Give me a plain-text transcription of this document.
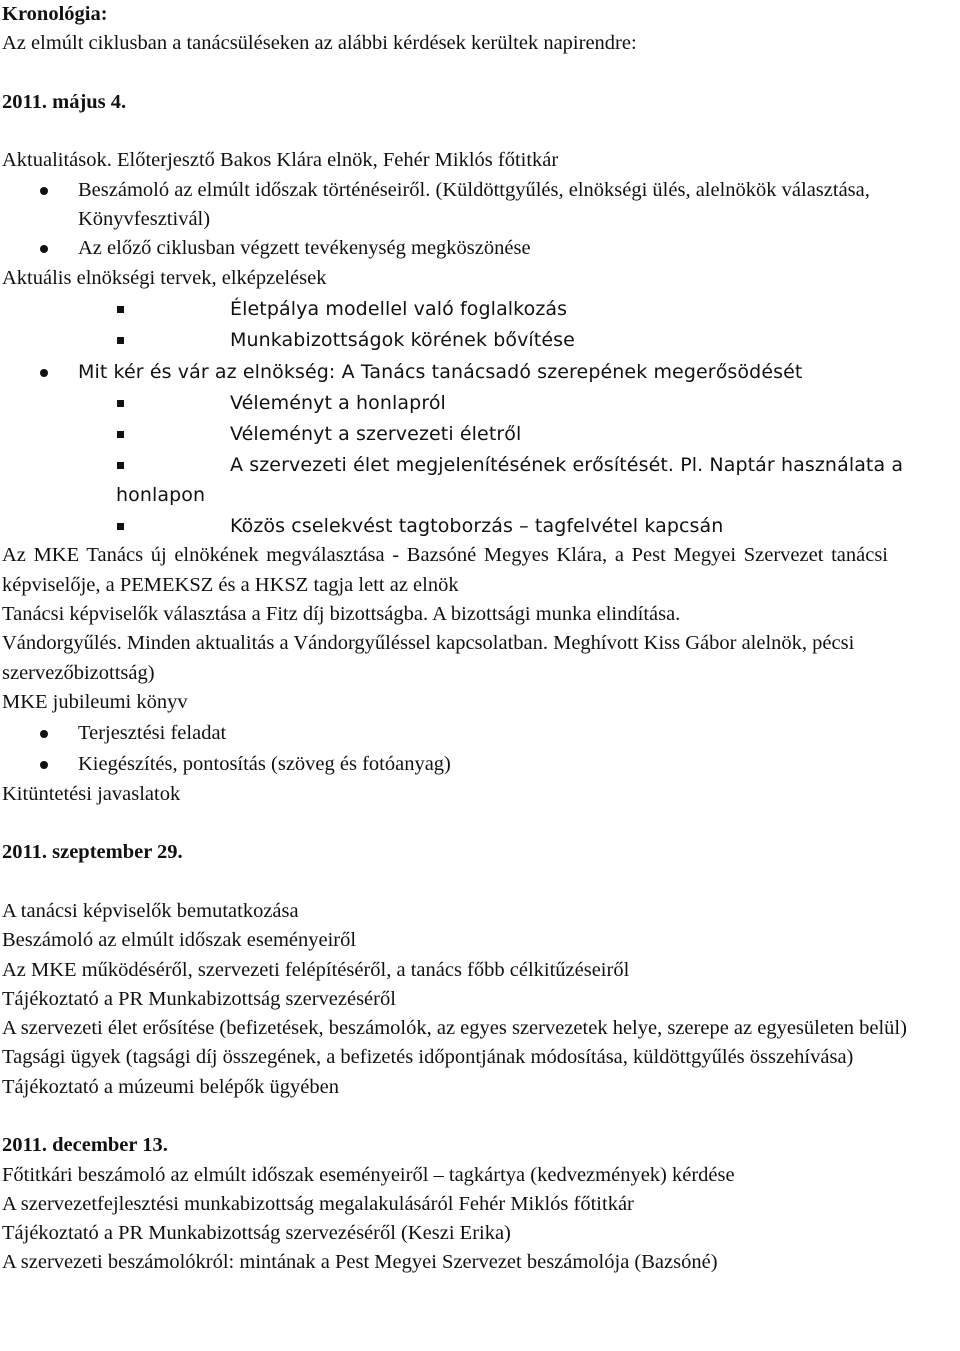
Kronológia:

Az elmúlt ciklusban a tanácsüléseken az alábbi kérdések kerültek napirendre:

2011. május 4.

Aktualitások. Előterjesztő Bakos Klára elnök, Fehér Miklós főtitkár

Beszámoló az elmúlt időszak történéseiről. (Küldöttgyűlés, elnökségi ülés, alelnökök választása, Könyvfesztivál)

Az előző ciklusban végzett tevékenység megköszönése

Aktuális elnökségi tervek, elképzelések

Életpálya modellel való foglalkozás

Munkabizottságok körének bővítése

Mit kér és vár az elnökség: A Tanács tanácsadó szerepének megerősödését

Véleményt a honlapról

Véleményt a szervezeti életről

A szervezeti élet megjelenítésének erősítését. Pl. Naptár használata a honlapon

Közös cselekvést tagtoborzás – tagfelvétel kapcsán

Az MKE Tanács új elnökének megválasztása - Bazsóné Megyes Klára, a Pest Megyei Szervezet tanácsi képviselője, a PEMEKSZ és a HKSZ tagja lett az elnök

Tanácsi képviselők választása a Fitz díj bizottságba. A bizottsági munka elindítása.

Vándorgyűlés. Minden aktualitás a Vándorgyűléssel kapcsolatban. Meghívott Kiss Gábor alelnök, pécsi szervezőbizottság)

MKE jubileumi könyv

Terjesztési feladat

Kiegészítés, pontosítás (szöveg és fotóanyag)

Kitüntetési javaslatok

2011. szeptember 29.

A tanácsi képviselők bemutatkozása

Beszámoló az elmúlt időszak eseményeiről

Az MKE működéséről, szervezeti felépítéséről, a tanács főbb célkitűzéseiről

Tájékoztató a PR Munkabizottság szervezéséről

A szervezeti élet erősítése (befizetések, beszámolók, az egyes szervezetek helye, szerepe az egyesületen belül)

Tagsági ügyek (tagsági díj összegének, a befizetés időpontjának módosítása, küldöttgyűlés összehívása)

Tájékoztató a múzeumi belépők ügyében

2011. december 13.

Főtitkári beszámoló az elmúlt időszak eseményeiről – tagkártya (kedvezmények) kérdése

A szervezetfejlesztési munkabizottság megalakulásáról Fehér Miklós főtitkár

Tájékoztató a PR Munkabizottság szervezéséről (Keszi Erika)

A szervezeti beszámolókról: mintának a Pest Megyei Szervezet beszámolója (Bazsóné)
